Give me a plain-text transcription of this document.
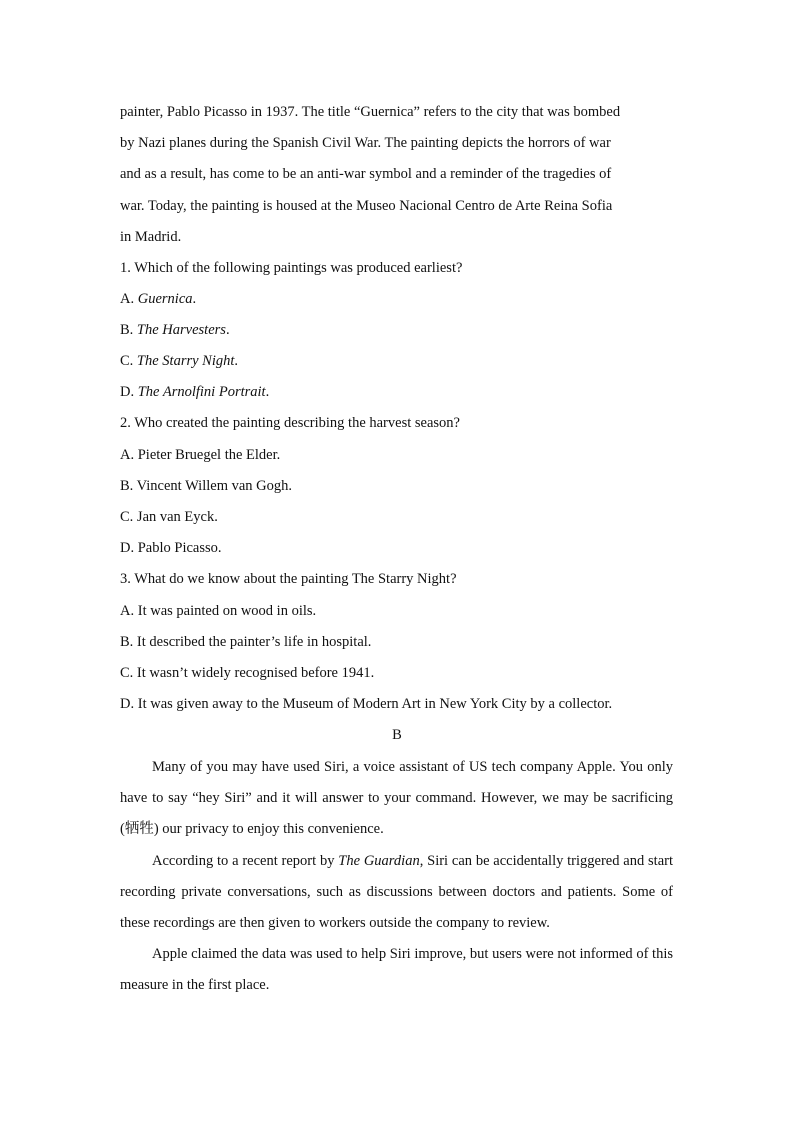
painter, Pablo Picasso in 1937. The title “Guernica” refers to the city that was bombed
by Nazi planes during the Spanish Civil War. The painting depicts the horrors of war
and as a result, has come to be an anti-war symbol and a reminder of the tragedies of
war. Today, the painting is housed at the Museo Nacional Centro de Arte Reina Sofia
in Madrid.
1. Which of the following paintings was produced earliest?
A. Guernica.
B. The Harvesters.
C. The Starry Night.
D. The Arnolfini Portrait.
2. Who created the painting describing the harvest season?
A. Pieter Bruegel the Elder.
B. Vincent Willem van Gogh.
C. Jan van Eyck.
D. Pablo Picasso.
3. What do we know about the painting The Starry Night?
A. It was painted on wood in oils.
B. It described the painter’s life in hospital.
C. It wasn’t widely recognised before 1941.
D. It was given away to the Museum of Modern Art in New York City by a collector.
B

Many of you may have used Siri, a voice assistant of US tech company Apple. You only have to say “hey Siri” and it will answer to your command. However, we may be sacrificing (牺牲) our privacy to enjoy this convenience.

According to a recent report by The Guardian, Siri can be accidentally triggered and start recording private conversations, such as discussions between doctors and patients. Some of these recordings are then given to workers outside the company to review.

Apple claimed the data was used to help Siri improve, but users were not informed of this measure in the first place.
